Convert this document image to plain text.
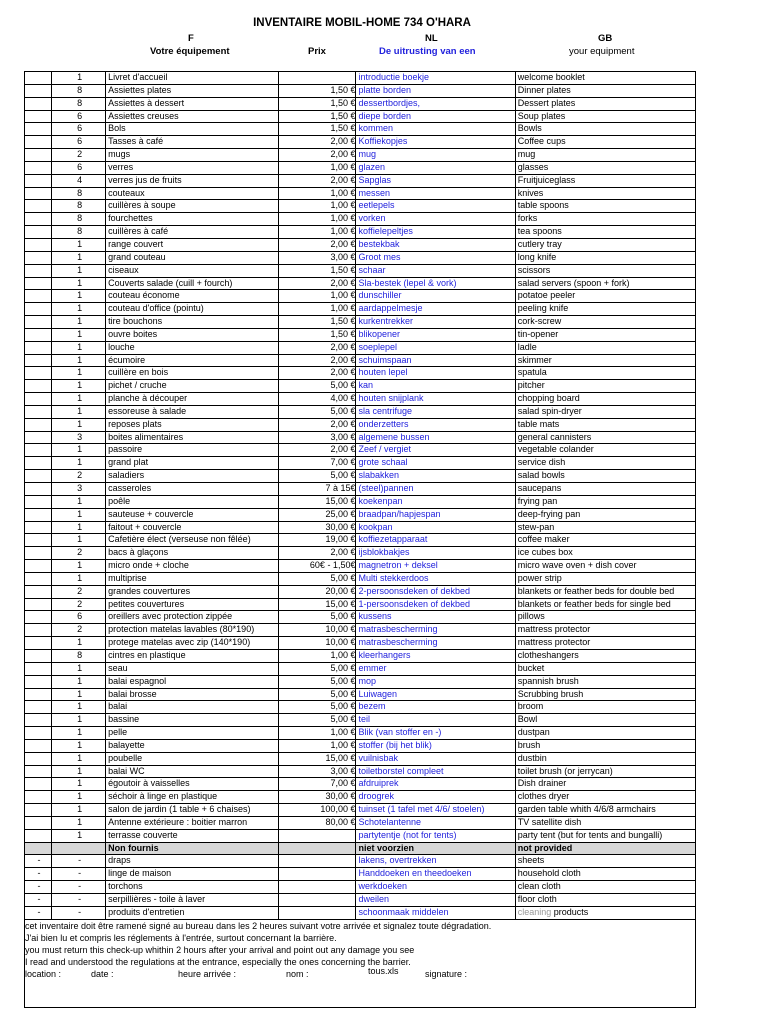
INVENTAIRE MOBIL-HOME 734 O'HARA
F	NL	GB
Votre équipement	Prix	De uitrusting van een	your equipment
	1	Livret d'accueil		introductie boekje	welcome booklet
	8	Assiettes plates	1,50 €	platte borden	Dinner plates
	8	Assiettes à dessert	1,50 €	dessertbordjes,	Dessert plates
	6	Assiettes creuses	1,50 €	diepe borden	Soup plates
	6	Bols	1,50 €	kommen	Bowls
	6	Tasses à café	2,00 €	Koffiekopjes	Coffee cups
	2	mugs	2,00 €	mug	mug
	6	verres	1,00 €	glazen	glasses
	4	verres jus de fruits	2,00 €	Sapglas	Fruitjuiceglass
	8	couteaux	1,00 €	messen	knives
	8	cuillères à soupe	1,00 €	eetlepels	table spoons
	8	fourchettes	1,00 €	vorken	forks
	8	cuillères à café	1,00 €	koffielepeltjes	tea spoons
	1	range couvert	2,00 €	bestekbak	cutlery tray
	1	grand couteau	3,00 €	Groot mes	long knife
	1	ciseaux	1,50 €	schaar	scissors
	1	Couverts salade (cuill + fourch)	2,00 €	Sla-bestek (lepel & vork)	salad servers (spoon + fork)
	1	couteau économe	1,00 €	dunschiller	potatoe peeler
	1	couteau d'office (pointu)	1,00 €	aardappelmesje	peeling knife
	1	tire bouchons	1,50 €	kurkentrekker	cork-screw
	1	ouvre boites	1,50 €	blikopener	tin-opener
	1	louche	2,00 €	soeplepel	ladle
	1	écumoire	2,00 €	schuimspaan	skimmer
	1	cuillère en bois	2,00 €	houten lepel	spatula
	1	pichet / cruche	5,00 €	kan	pitcher
	1	planche à découper	4,00 €	houten snijplank	chopping board
	1	essoreuse à salade	5,00 €	sla centrifuge	salad spin-dryer
	1	reposes plats	2,00 €	onderzetters	table mats
	3	boites alimentaires	3,00 €	algemene bussen	general cannisters
	1	passoire	2,00 €	Zeef / vergiet	vegetable colander
	1	grand plat	7,00 €	grote schaal	service dish
	2	saladiers	5,00 €	slabakken	salad bowls
	3	casseroles	7 à 15€	(steel)pannen	saucepans
	1	poêle	15,00 €	koekenpan	frying pan
	1	sauteuse + couvercle	25,00 €	braadpan/hapjespan	deep-frying pan
	1	faitout + couvercle	30,00 €	kookpan	stew-pan
	1	Cafetière élect (verseuse non fêlée)	19,00 €	koffiezetapparaat	coffee maker
	2	bacs à glaçons	2,00 €	ijsblokbakjes	ice cubes box
	1	micro onde + cloche	60€ - 1,50€	magnetron + deksel	micro wave oven + dish cover
	1	multiprise	5,00 €	Multi stekkerdoos	power strip
	2	grandes couvertures	20,00 €	2-persoonsdeken of dekbed	blankets or feather beds for double bed
	2	petites couvertures	15,00 €	1-persoonsdeken of dekbed	blankets or feather beds for single bed
	6	oreillers avec protection zippée	5,00 €	kussens	pillows
	2	protection matelas lavables (80*190)	10,00 €	matrasbescherming	mattress protector
	1	protege matelas avec zip (140*190)	10,00 €	matrasbescherming	mattress protector
	8	cintres en plastique	1,00 €	kleerhangers	clotheshangers
	1	seau	5,00 €	emmer	bucket
	1	balai espagnol	5,00 €	mop	spannish brush
	1	balai brosse	5,00 €	Luiwagen	Scrubbing brush
	1	balai	5,00 €	bezem	broom
	1	bassine	5,00 €	teil	Bowl
	1	pelle	1,00 €	Blik (van stoffer en -)	dustpan
	1	balayette	1,00 €	stoffer (bij het blik)	brush
	1	poubelle	15,00 €	vuilnisbak	dustbin
	1	balai WC	3,00 €	toiletborstel compleet	toilet brush (or jerrycan)
	1	égoutoir à vaisselles	7,00 €	afdruiprek	Dish drainer
	1	séchoir à linge en plastique	30,00 €	droogrek	clothes dryer
	1	salon de jardin (1 table + 6 chaises)	100,00 €	tuinset (1 tafel met 4/6/ stoelen)	garden table whith 4/6/8 armchairs
	1	Antenne extérieure : boitier marron	80,00 €	Schotelantenne	TV satellite dish
	1	terrasse couverte		partytentje (not for tents)	party tent (but for tents and bungalli)
		Non fournis		niet voorzien	not provided
-	-	draps		lakens, overtrekken	sheets
-	-	linge de maison		Handdoeken en theedoeken	household cloth
-	-	torchons		werkdoeken	clean cloth
-	-	serpillières - toile à laver		dweilen	floor cloth
-	-	produits d'entretien		schoonmaak middelen	cleaning products
cet inventaire doit être ramené signé au bureau dans les 2 heures suivant votre arrivée et signalez toute dégradation.
J'ai bien lu et compris les réglements à l'entrée, surtout concernant la barrière.
you must return this check-up whithin 2 hours after your arrival and point out any damage you see
I read and understood the regulations at the entrance, especially the ones concerning the barrier.
location :	date :	heure arrivée :	nom :	tous.xls	signature :
